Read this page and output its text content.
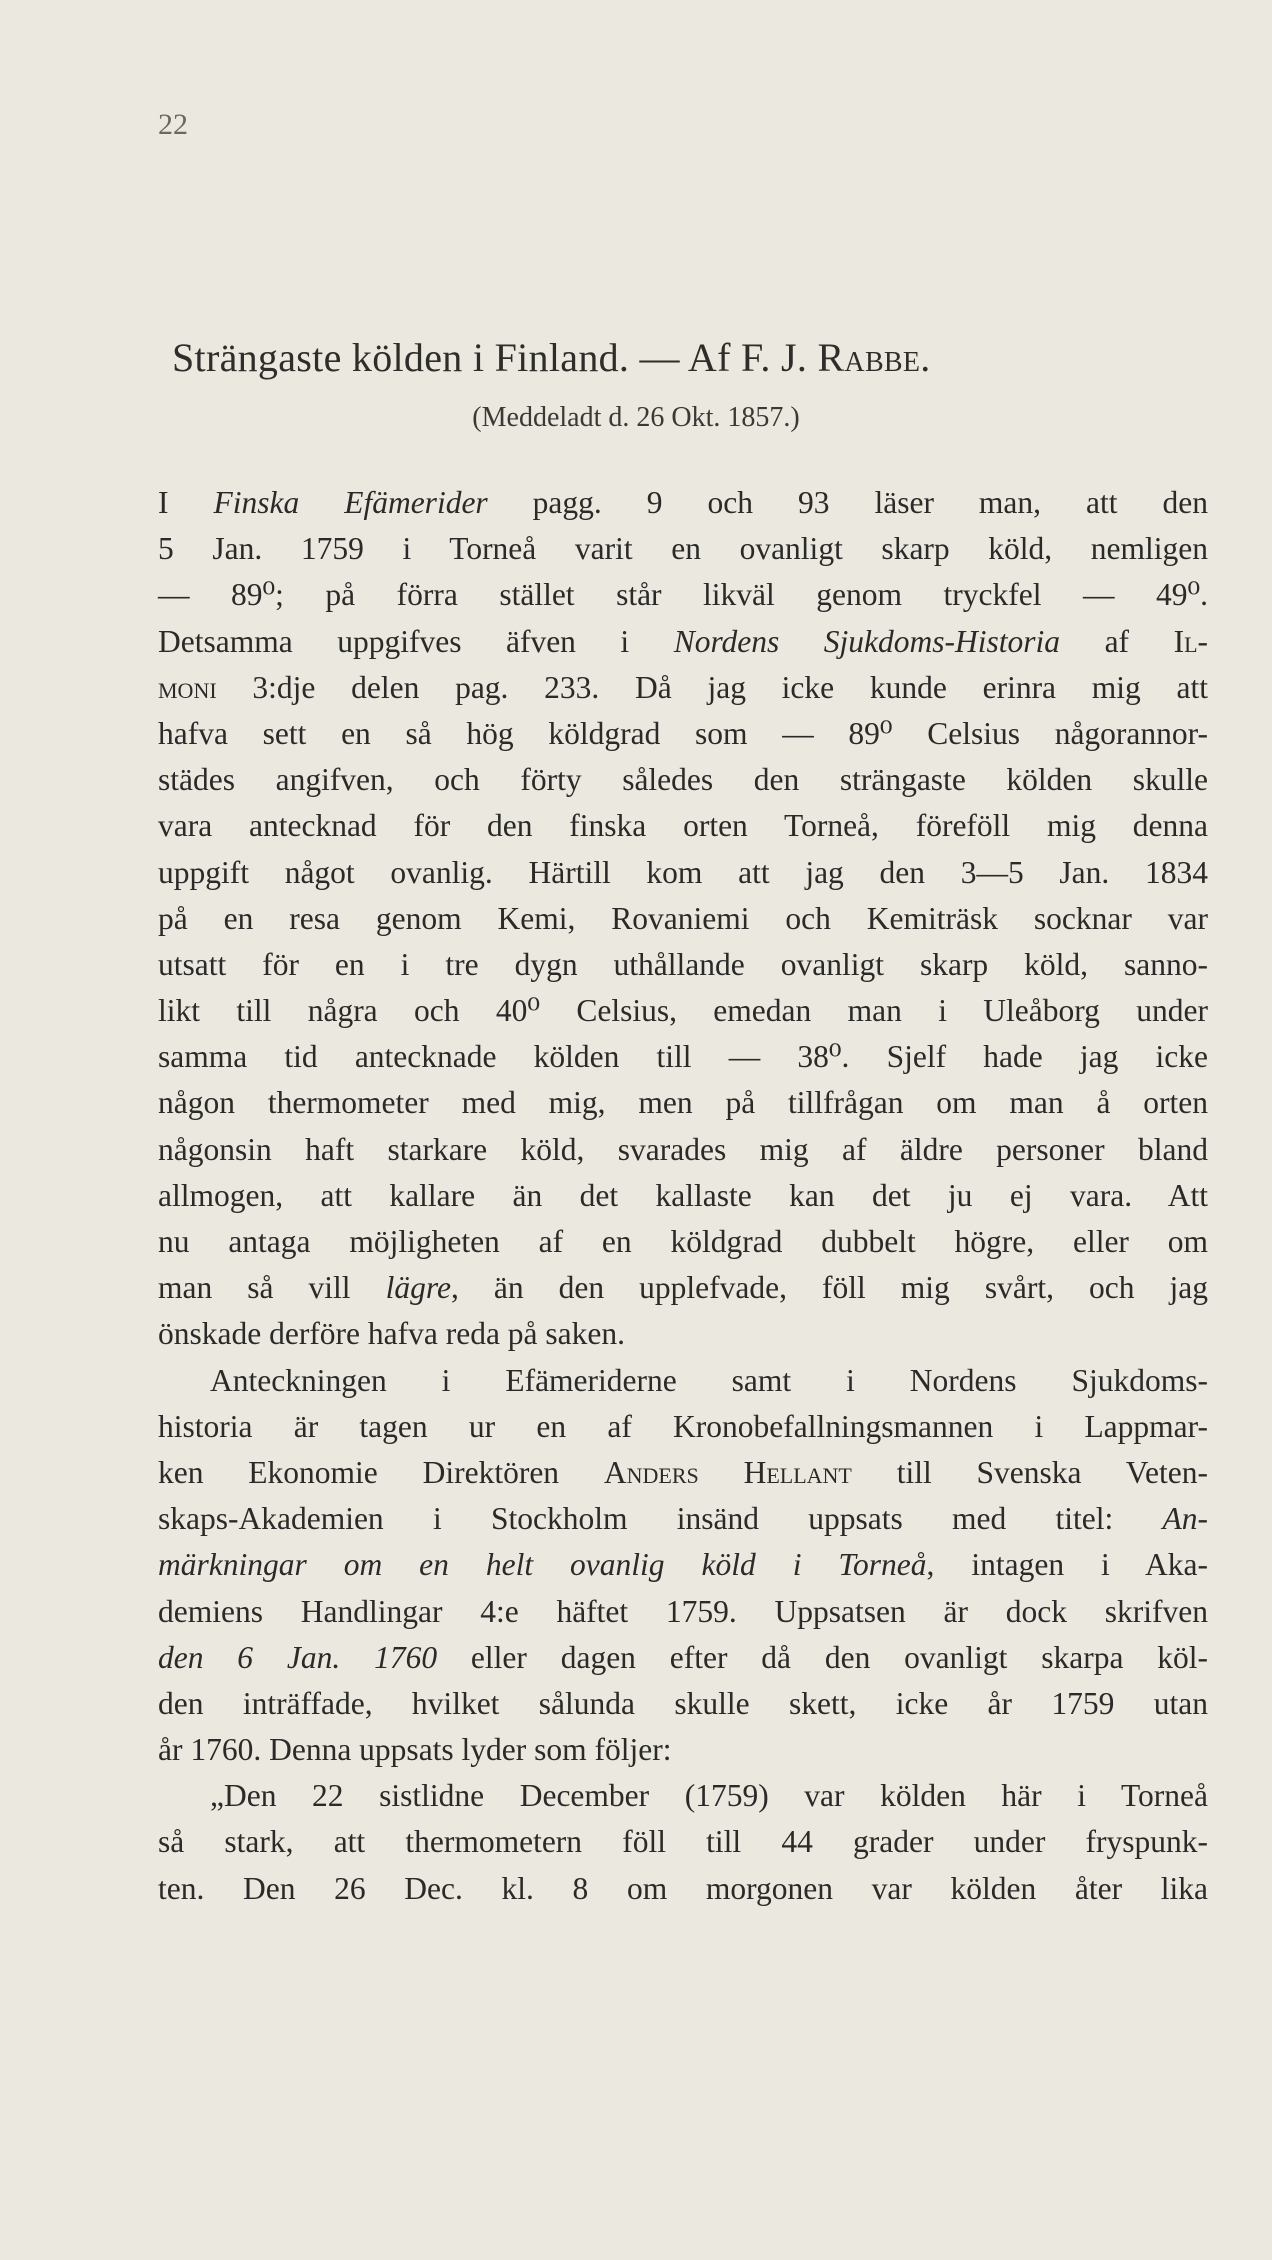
22
Strängaste kölden i Finland. — Af F. J. Rabbe.
(Meddeladt d. 26 Okt. 1857.)
I Finska Efämerider pagg. 9 och 93 läser man, att den
5 Jan. 1759 i Torneå varit en ovanligt skarp köld, nemligen
— 89⁰; på förra stället står likväl genom tryckfel — 49⁰.
Detsamma uppgifves äfven i Nordens Sjukdoms-Historia af Il-
moni 3:dje delen pag. 233. Då jag icke kunde erinra mig att
hafva sett en så hög köldgrad som — 89⁰ Celsius någorannor-
städes angifven, och förty således den strängaste kölden skulle
vara antecknad för den finska orten Torneå, föreföll mig denna
uppgift något ovanlig. Härtill kom att jag den 3—5 Jan. 1834
på en resa genom Kemi, Rovaniemi och Kemiträsk socknar var
utsatt för en i tre dygn uthållande ovanligt skarp köld, sanno-
likt till några och 40⁰ Celsius, emedan man i Uleåborg under
samma tid antecknade kölden till — 38⁰. Sjelf hade jag icke
någon thermometer med mig, men på tillfrågan om man å orten
någonsin haft starkare köld, svarades mig af äldre personer bland
allmogen, att kallare än det kallaste kan det ju ej vara. Att
nu antaga möjligheten af en köldgrad dubbelt högre, eller om
man så vill lägre, än den upplefvade, föll mig svårt, och jag
önskade derföre hafva reda på saken.
Anteckningen i Efämeriderne samt i Nordens Sjukdoms-
historia är tagen ur en af Kronobefallningsmannen i Lappmar-
ken Ekonomie Direktören Anders Hellant till Svenska Veten-
skaps-Akademien i Stockholm insänd uppsats med titel: An-
märkningar om en helt ovanlig köld i Torneå, intagen i Aka-
demiens Handlingar 4:e häftet 1759. Uppsatsen är dock skrifven
den 6 Jan. 1760 eller dagen efter då den ovanligt skarpa köl-
den inträffade, hvilket sålunda skulle skett, icke år 1759 utan
år 1760. Denna uppsats lyder som följer:
„Den 22 sistlidne December (1759) var kölden här i Torneå
så stark, att thermometern föll till 44 grader under fryspunk-
ten. Den 26 Dec. kl. 8 om morgonen var kölden åter lika
